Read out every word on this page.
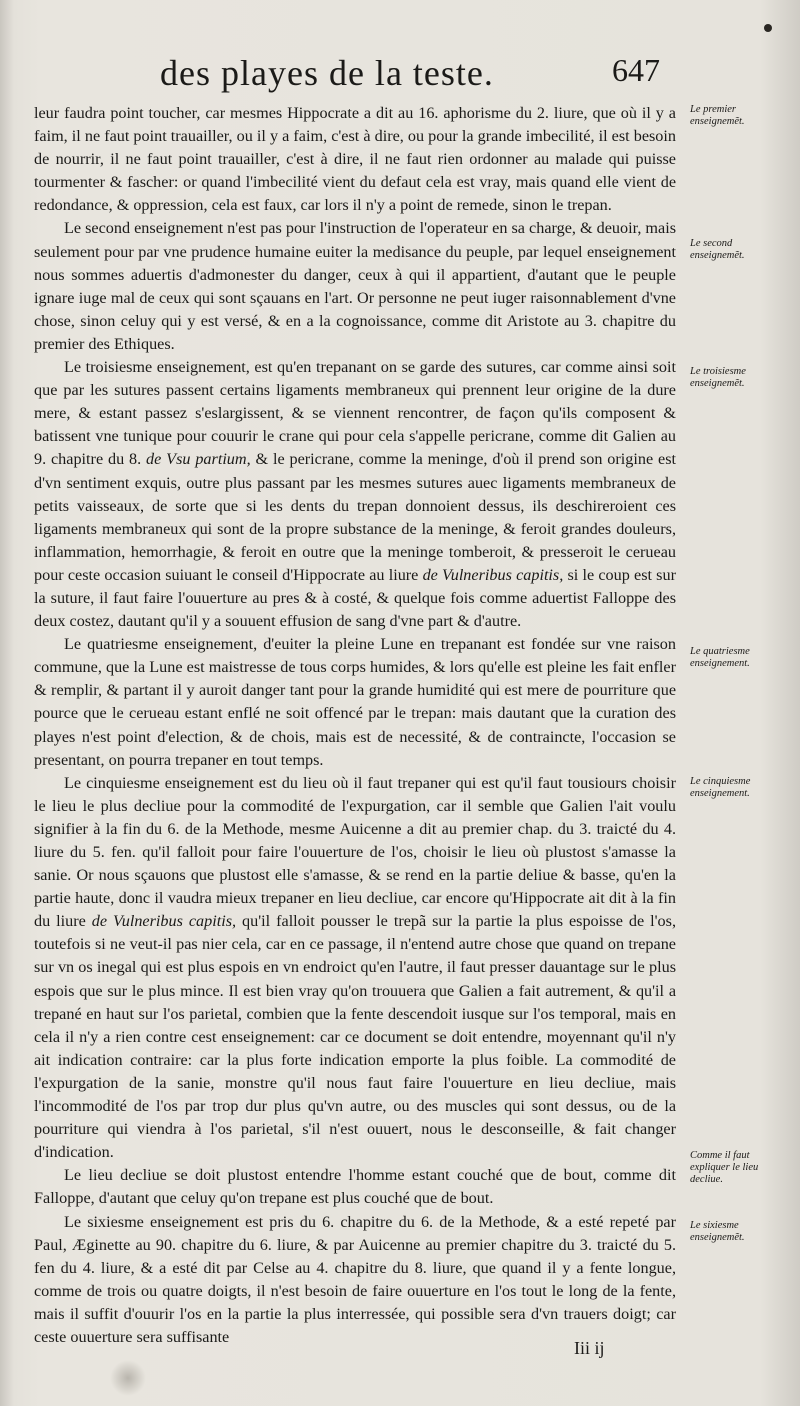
des playes de la teste.	647

leur faudra point toucher, car mesmes Hippocrate a dit au 16. aphorisme du 2. liure, que où il y a faim, il ne faut point trauailler, ou il y a faim, c'est à dire, ou pour la grande imbecilité, il est besoin de nourrir, il ne faut point trauailler, c'est à dire, il ne faut rien ordonner au malade qui puisse tourmenter & fascher: or quand l'imbecilité vient du defaut cela est vray, mais quand elle vient de redondance, & oppression, cela est faux, car lors il n'y a point de remede, sinon le trepan.

Le second enseignement n'est pas pour l'instruction de l'operateur en sa charge, & deuoir, mais seulement pour par vne prudence humaine euiter la medisance du peuple, par lequel enseignement nous sommes aduertis d'admonester du danger, ceux à qui il appartient, d'autant que le peuple ignare iuge mal de ceux qui sont sçauans en l'art. Or personne ne peut iuger raisonnablement d'vne chose, sinon celuy qui y est versé, & en a la cognoissance, comme dit Aristote au 3. chapitre du premier des Ethiques.

Le troisiesme enseignement, est qu'en trepanant on se garde des sutures, car comme ainsi soit que par les sutures passent certains ligaments membraneux qui prennent leur origine de la dure mere, & estant passez s'eslargissent, & se viennent rencontrer, de façon qu'ils composent & batissent vne tunique pour couurir le crane qui pour cela s'appelle pericrane, comme dit Galien au 9. chapitre du 8. de Vsu partium, & le pericrane, comme la meninge, d'où il prend son origine est d'vn sentiment exquis, outre plus passant par les mesmes sutures auec ligaments membraneux de petits vaisseaux, de sorte que si les dents du trepan donnoient dessus, ils deschireroient ces ligaments membraneux qui sont de la propre substance de la meninge, & feroit grandes douleurs, inflammation, hemorrhagie, & feroit en outre que la meninge tomberoit, & presseroit le cerueau pour ceste occasion suiuant le conseil d'Hippocrate au liure de Vulneribus capitis, si le coup est sur la suture, il faut faire l'ouuerture au pres & à costé, & quelque fois comme aduertist Falloppe des deux costez, dautant qu'il y a souuent effusion de sang d'vne part & d'autre.

Le quatriesme enseignement, d'euiter la pleine Lune en trepanant est fondée sur vne raison commune, que la Lune est maistresse de tous corps humides, & lors qu'elle est pleine les fait enfler & remplir, & partant il y auroit danger tant pour la grande humidité qui est mere de pourriture que pource que le cerueau estant enflé ne soit offencé par le trepan: mais dautant que la curation des playes n'est point d'election, & de chois, mais est de necessité, & de contraincte, l'occasion se presentant, on pourra trepaner en tout temps.

Le cinquiesme enseignement est du lieu où il faut trepaner qui est qu'il faut tousiours choisir le lieu le plus decliue pour la commodité de l'expurgation, car il semble que Galien l'ait voulu signifier à la fin du 6. de la Methode, mesme Auicenne a dit au premier chap. du 3. traicté du 4. liure du 5. fen. qu'il falloit pour faire l'ouuerture de l'os, choisir le lieu où plustost s'amasse la sanie. Or nous sçauons que plustost elle s'amasse, & se rend en la partie deliue & basse, qu'en la partie haute, donc il vaudra mieux trepaner en lieu decliue, car encore qu'Hippocrate ait dit à la fin du liure de Vulneribus capitis, qu'il falloit pousser le trepã sur la partie la plus espoisse de l'os, toutefois si ne veut-il pas nier cela, car en ce passage, il n'entend autre chose que quand on trepane sur vn os inegal qui est plus espois en vn endroict qu'en l'autre, il faut presser dauantage sur le plus espois que sur le plus mince. Il est bien vray qu'on trouuera que Galien a fait autrement, & qu'il a trepané en haut sur l'os parietal, combien que la fente descendoit iusque sur l'os temporal, mais en cela il n'y a rien contre cest enseignement: car ce document se doit entendre, moyennant qu'il n'y ait indication contraire: car la plus forte indication emporte la plus foible. La commodité de l'expurgation de la sanie, monstre qu'il nous faut faire l'ouuerture en lieu decliue, mais l'incommodité de l'os par trop dur plus qu'vn autre, ou des muscles qui sont dessus, ou de la pourriture qui viendra à l'os parietal, s'il n'est ouuert, nous le desconseille, & fait changer d'indication.

Le lieu decliue se doit plustost entendre l'homme estant couché que de bout, comme dit Falloppe, d'autant que celuy qu'on trepane est plus couché que de bout.

Le sixiesme enseignement est pris du 6. chapitre du 6. de la Methode, & a esté repeté par Paul, Æginette au 90. chapitre du 6. liure, & par Auicenne au premier chapitre du 3. traicté du 5. fen du 4. liure, & a esté dit par Celse au 4. chapitre du 8. liure, que quand il y a fente longue, comme de trois ou quatre doigts, il n'est besoin de faire ouuerture en l'os tout le long de la fente, mais il suffit d'ouurir l'os en la partie la plus interressée, qui possible sera d'vn trauers doigt; car ceste ouuerture sera suffisante

Le premier enseignemẽt.
Le second enseignemẽt.
Le troisiesme enseignemẽt.
Le quatriesme enseignement.
Le cinquiesme enseignement.
Comme il faut expliquer le lieu decliue.
Le sixiesme enseignemẽt.
Iii ij
